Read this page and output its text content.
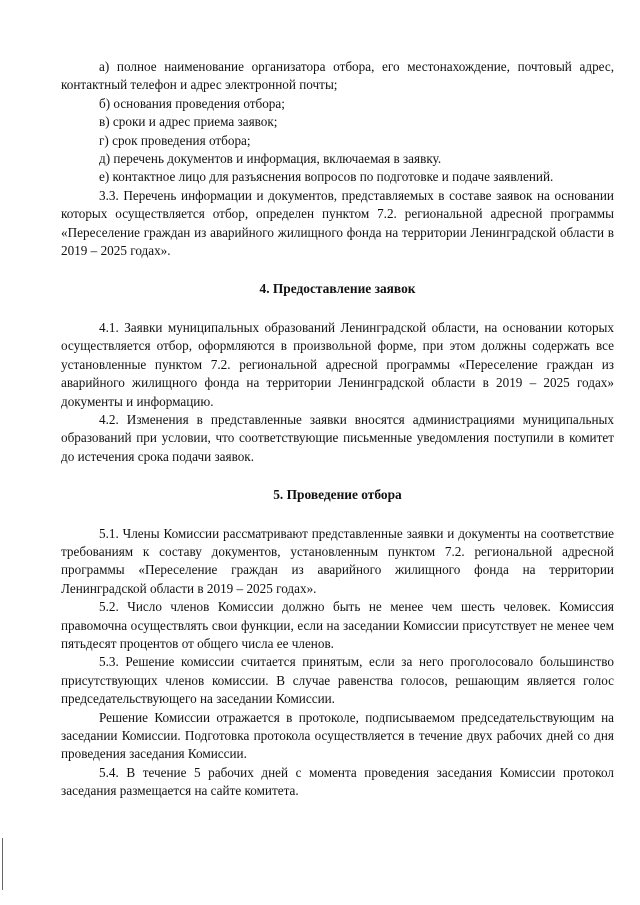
а) полное наименование организатора отбора, его местонахождение, почтовый адрес, контактный телефон и адрес электронной почты;

б) основания проведения отбора;

в) сроки и адрес приема заявок;

г) срок проведения отбора;

д) перечень документов и информация, включаемая в заявку.

е) контактное лицо для разъяснения вопросов по подготовке и подаче заявлений.

3.3. Перечень информации и документов, представляемых в составе заявок на основании которых осуществляется отбор, определен пунктом 7.2. региональной адресной программы «Переселение граждан из аварийного жилищного фонда на территории Ленинградской области в 2019 – 2025 годах».

4. Предоставление заявок

4.1. Заявки муниципальных образований Ленинградской области, на основании которых осуществляется отбор, оформляются в произвольной форме, при этом должны содержать все установленные пунктом 7.2. региональной адресной программы «Переселение граждан из аварийного жилищного фонда на территории Ленинградской области в 2019 – 2025 годах» документы и информацию.

4.2. Изменения в представленные заявки вносятся администрациями муниципальных образований при условии, что соответствующие письменные уведомления поступили в комитет до истечения срока подачи заявок.

5. Проведение отбора

5.1. Члены Комиссии рассматривают представленные заявки и документы на соответствие требованиям к составу документов, установленным пунктом 7.2. региональной адресной программы «Переселение граждан из аварийного жилищного фонда на территории Ленинградской области в 2019 – 2025 годах».

5.2. Число членов Комиссии должно быть не менее чем шесть человек. Комиссия правомочна осуществлять свои функции, если на заседании Комиссии присутствует не менее чем пятьдесят процентов от общего числа ее членов.

5.3. Решение комиссии считается принятым, если за него проголосовало большинство присутствующих членов комиссии. В случае равенства голосов, решающим является голос председательствующего на заседании Комиссии.

Решение Комиссии отражается в протоколе, подписываемом председательствующим на заседании Комиссии. Подготовка протокола осуществляется в течение двух рабочих дней со дня проведения заседания Комиссии.

5.4. В течение 5 рабочих дней с момента проведения заседания Комиссии протокол заседания размещается на сайте комитета.
